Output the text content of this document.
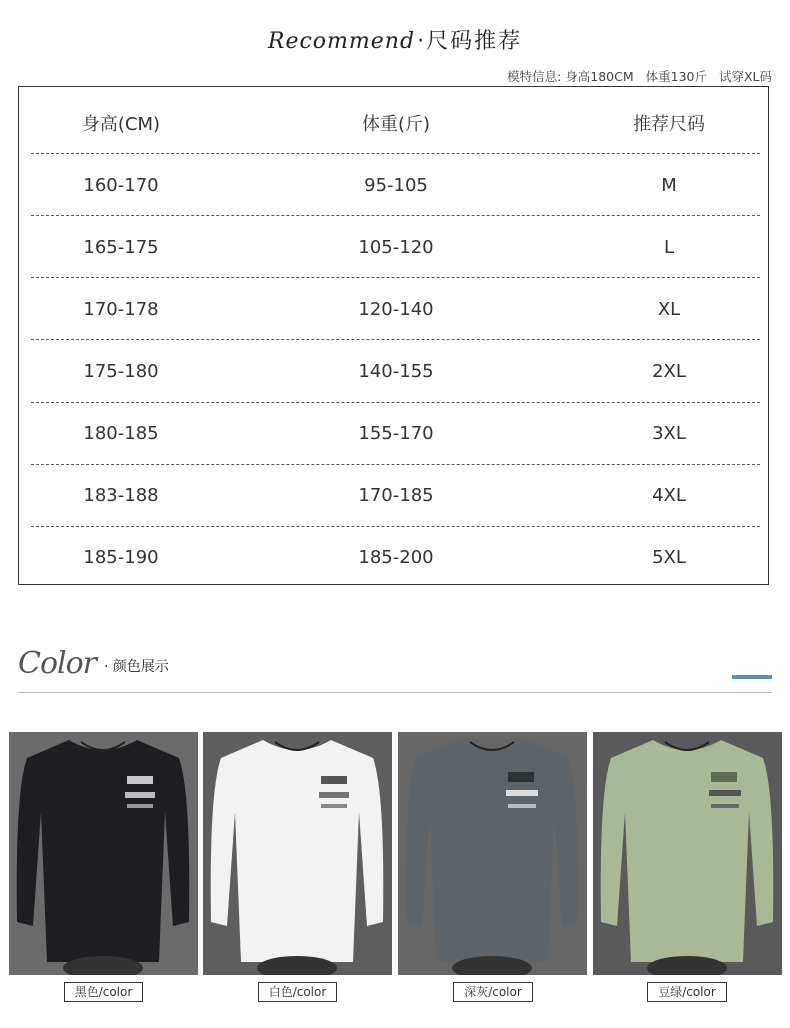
Recommend·尺码推荐
模特信息: 身高180CM 体重130斤 试穿XL码
身高(CM)	体重(斤)	推荐尺码
160-170	95-105	M
165-175	105-120	L
170-178	120-140	XL
175-180	140-155	2XL
180-185	155-170	3XL
183-188	170-185	4XL
185-190	185-200	5XL
Color · 颜色展示
黑色/color	白色/color	深灰/color	豆绿/color
